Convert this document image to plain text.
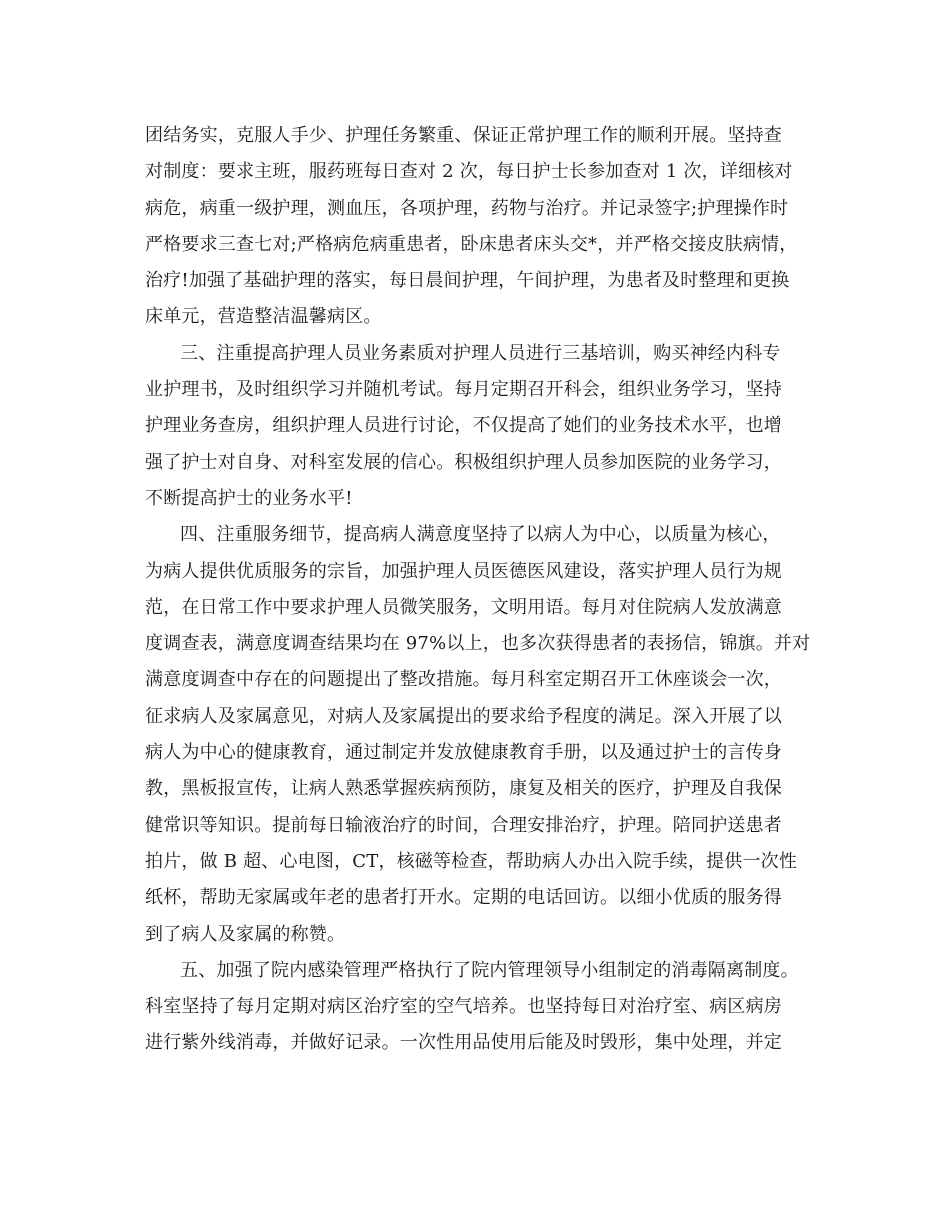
团结务实，克服人手少、护理任务繁重、保证正常护理工作的顺利开展。坚持查
对制度：要求主班，服药班每日查对 2 次，每日护士长参加查对 1 次，详细核对
病危，病重一级护理，测血压，各项护理，药物与治疗。并记录签字;护理操作时
严格要求三查七对;严格病危病重患者，卧床患者床头交*，并严格交接皮肤病情，
治疗!加强了基础护理的落实，每日晨间护理，午间护理，为患者及时整理和更换
床单元，营造整洁温馨病区。
三、注重提高护理人员业务素质对护理人员进行三基培训，购买神经内科专
业护理书，及时组织学习并随机考试。每月定期召开科会，组织业务学习，坚持
护理业务查房，组织护理人员进行讨论，不仅提高了她们的业务技术水平，也增
强了护士对自身、对科室发展的信心。积极组织护理人员参加医院的业务学习，
不断提高护士的业务水平!
四、注重服务细节，提高病人满意度坚持了以病人为中心，以质量为核心，
为病人提供优质服务的宗旨，加强护理人员医德医风建设，落实护理人员行为规
范，在日常工作中要求护理人员微笑服务，文明用语。每月对住院病人发放满意
度调查表，满意度调查结果均在 97%以上，也多次获得患者的表扬信，锦旗。并对
满意度调查中存在的问题提出了整改措施。每月科室定期召开工休座谈会一次，
征求病人及家属意见，对病人及家属提出的要求给予程度的满足。深入开展了以
病人为中心的健康教育，通过制定并发放健康教育手册，以及通过护士的言传身
教，黑板报宣传，让病人熟悉掌握疾病预防，康复及相关的医疗，护理及自我保
健常识等知识。提前每日输液治疗的时间，合理安排治疗，护理。陪同护送患者
拍片，做 B 超、心电图，CT，核磁等检查，帮助病人办出入院手续，提供一次性
纸杯，帮助无家属或年老的患者打开水。定期的电话回访。以细小优质的服务得
到了病人及家属的称赞。
五、加强了院内感染管理严格执行了院内管理领导小组制定的消毒隔离制度。
科室坚持了每月定期对病区治疗室的空气培养。也坚持每日对治疗室、病区病房
进行紫外线消毒，并做好记录。一次性用品使用后能及时毁形，集中处理，并定
